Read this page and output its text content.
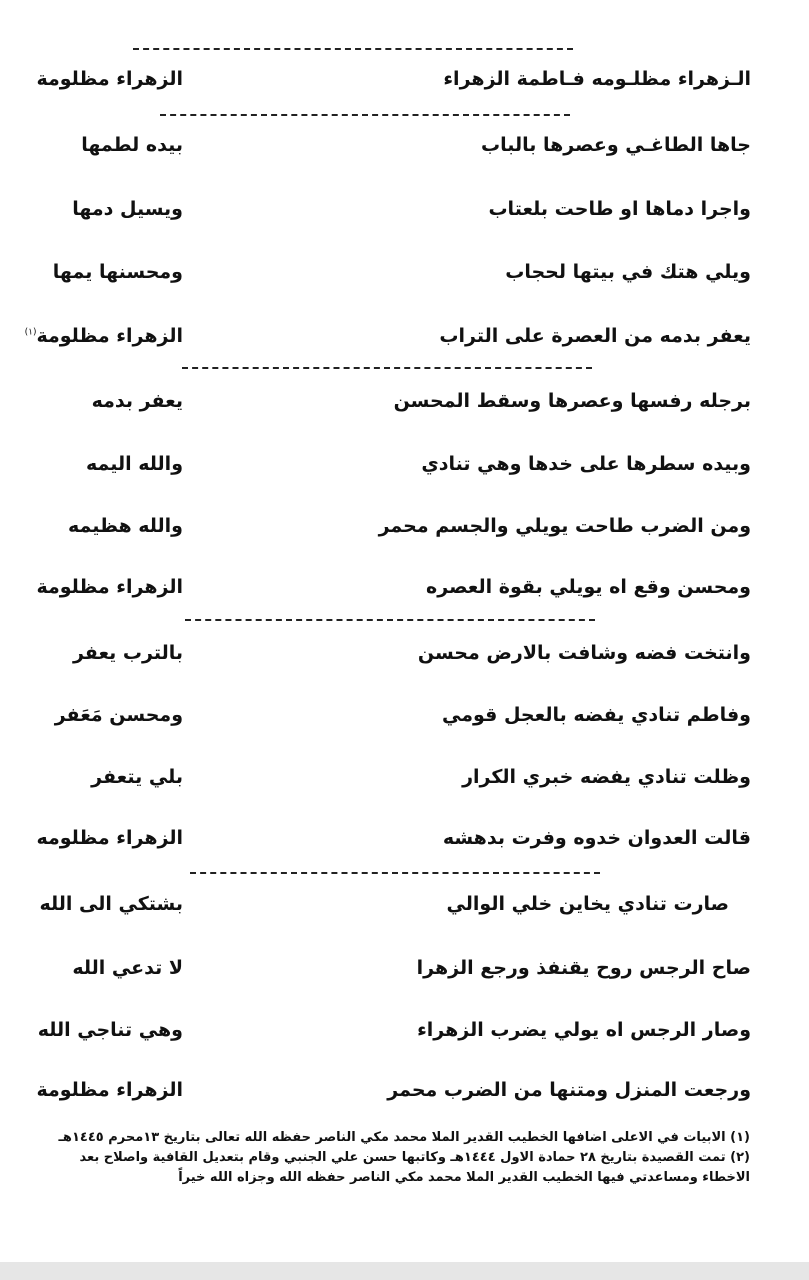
الـزهراء مظلـومه فـاطمة الزهراء
الزهراء مظلومة
جاها الطاغـي وعصرها بالباب
بيده لطمها
واجرا دماها او طاحت بلعتاب
ويسيل دمها
ويلي هتك في بيتها لحجاب
ومحسنها يمها
يعفر بدمه من العصرة على التراب
الزهراء مظلومة$^{(١)}$
برجله رفسها وعصرها وسقط المحسن
يعفر بدمه
وبيده سطرها على خدها وهي تنادي
والله اليمه
ومن الضرب طاحت يويلي والجسم محمر
والله هظيمه
ومحسن وقع اه يويلي بقوة العصره
الزهراء مظلومة
وانتخت فضه وشافت بالارض محسن
بالترب يعفر
وفاطم تنادي يفضه بالعجل قومي
ومحسن مَعَفر
وظلت تنادي يفضه خبري الكرار
بلي يتعفر
قالت العدوان خدوه وفرت بدهشه
الزهراء مظلومه
صارت تنادي يخاين خلي الوالي
بشتكي الى الله
صاح الرجس روح يقنفذ ورجع الزهرا
لا تدعي الله
وصار الرجس اه يولي يضرب الزهراء
وهي تناجي الله
ورجعت المنزل ومتنها من الضرب محمر
الزهراء مظلومة
(١) الابيات في الاعلى اضافها الخطيب القدير الملا محمد مكي الناصر حفظه الله تعالى بتاريخ ١٣محرم ١٤٤٥هـ
(٢) تمت القصيدة بتاريخ ٢٨ حمادة الاول ١٤٤٤هـ وكاتبها حسن علي الجنبي وقام بتعديل القافية واصلاح بعد الاخطاء ومساعدتي فيها الخطيب القدير الملا محمد مكي الناصر حفظه الله وجزاه الله خيراً
